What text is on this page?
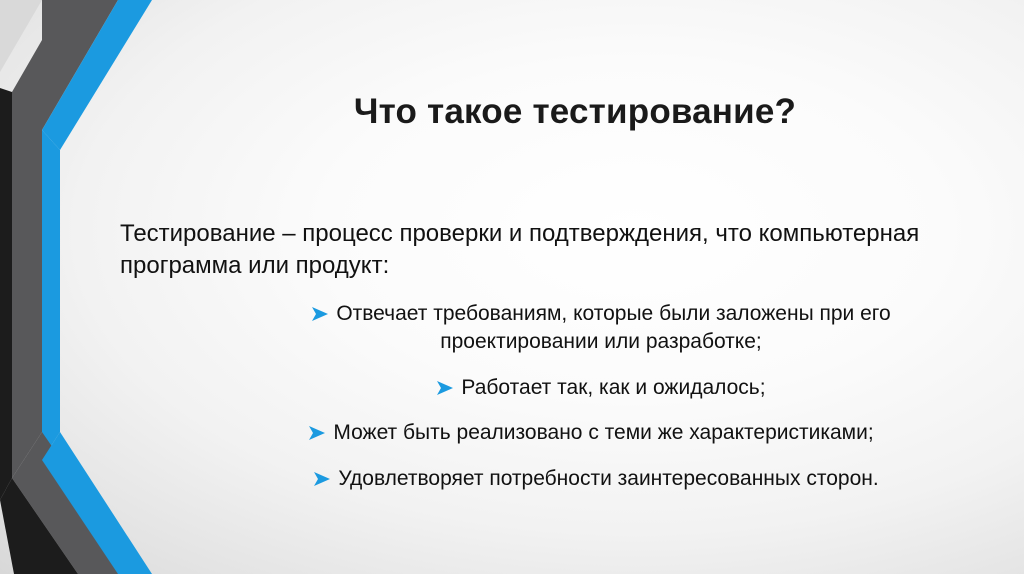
Что такое тестирование?

Тестирование – процесс проверки и подтверждения, что компьютерная программа или продукт:

Отвечает требованиям, которые были заложены при его проектировании или разработке;
Работает так, как и ожидалось;
Может быть реализовано с теми же характеристиками;
Удовлетворяет потребности заинтересованных сторон.
